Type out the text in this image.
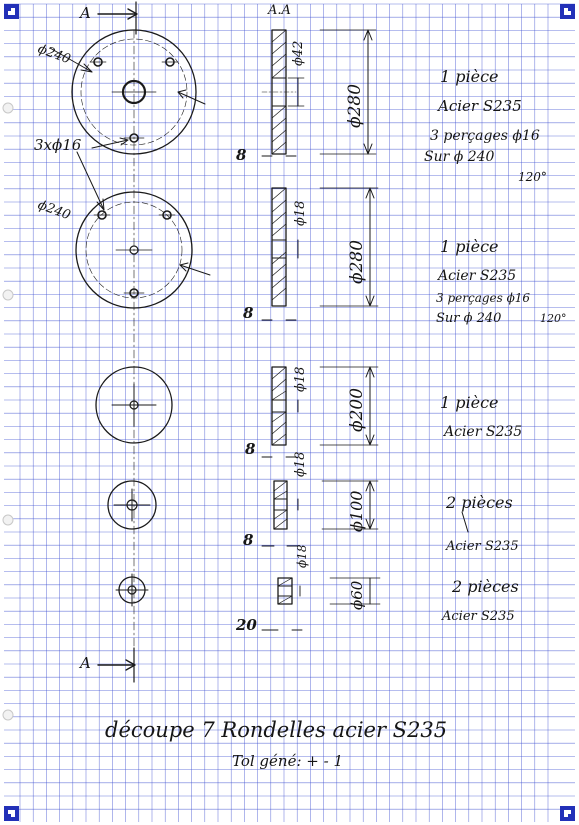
A	A.A
A
ϕ240
3xϕ16
ϕ42
ϕ280
8
1 pièce
Acier S235
3 perçages ϕ16
Sur ϕ 240
120°
ϕ240	ϕ18
ϕ280
8
1 pièce
Acier S235
3 perçages ϕ16
Sur ϕ 240	120°
ϕ18
ϕ200
8
1 pièce
Acier S235
ϕ18
ϕ100
8
2 pièces
Acier S235
ϕ18
ϕ60
20
2 pièces
Acier S235
découpe 7 Rondelles acier S235
Tol géné: + - 1
